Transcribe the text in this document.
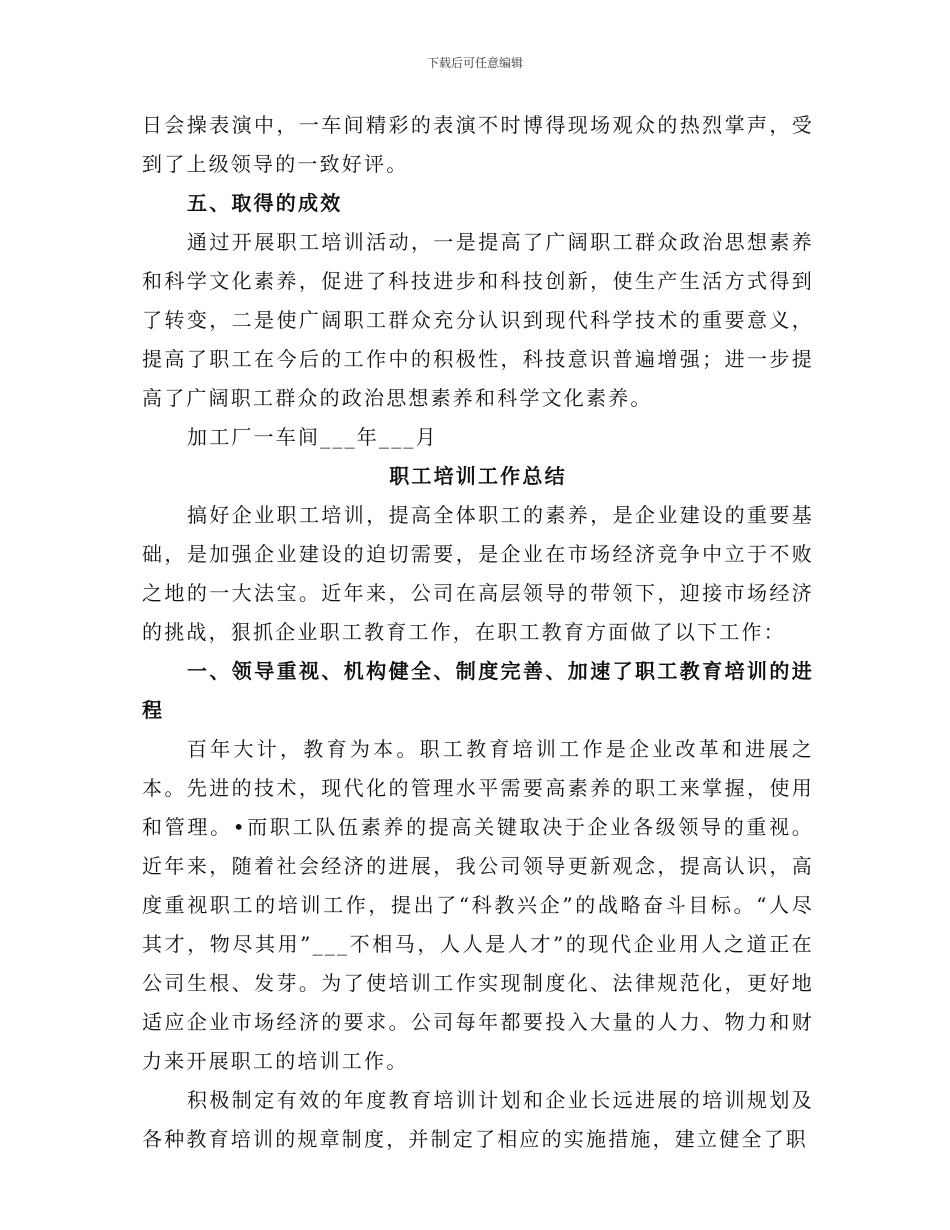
下载后可任意编辑

日会操表演中，一车间精彩的表演不时博得现场观众的热烈掌声，受到了上级领导的一致好评。

五、取得的成效

通过开展职工培训活动，一是提高了广阔职工群众政治思想素养和科学文化素养，促进了科技进步和科技创新，使生产生活方式得到了转变，二是使广阔职工群众充分认识到现代科学技术的重要意义，提高了职工在今后的工作中的积极性，科技意识普遍增强；进一步提高了广阔职工群众的政治思想素养和科学文化素养。

加工厂一车间___年___月

职工培训工作总结

搞好企业职工培训，提高全体职工的素养，是企业建设的重要基础，是加强企业建设的迫切需要，是企业在市场经济竞争中立于不败之地的一大法宝。近年来，公司在高层领导的带领下，迎接市场经济的挑战，狠抓企业职工教育工作，在职工教育方面做了以下工作：

一、领导重视、机构健全、制度完善、加速了职工教育培训的进程

百年大计，教育为本。职工教育培训工作是企业改革和进展之本。先进的技术，现代化的管理水平需要高素养的职工来掌握，使用和管理。•而职工队伍素养的提高关键取决于企业各级领导的重视。近年来，随着社会经济的进展，我公司领导更新观念，提高认识，高度重视职工的培训工作，提出了“科教兴企”的战略奋斗目标。“人尽其才，物尽其用”___不相马，人人是人才”的现代企业用人之道正在公司生根、发芽。为了使培训工作实现制度化、法律规范化，更好地适应企业市场经济的要求。公司每年都要投入大量的人力、物力和财力来开展职工的培训工作。

积极制定有效的年度教育培训计划和企业长远进展的培训规划及各种教育培训的规章制度，并制定了相应的实施措施，建立健全了职
